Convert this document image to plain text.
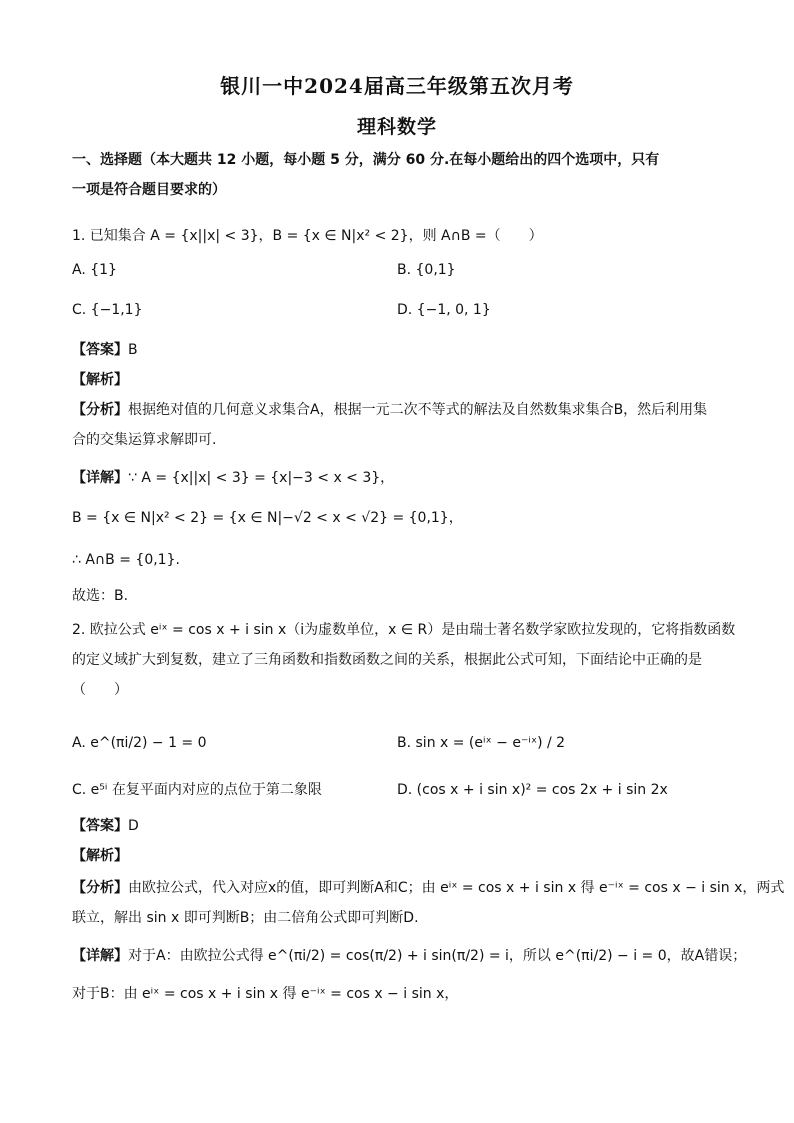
银川一中2024届高三年级第五次月考
理科数学
一、选择题（本大题共 12 小题，每小题 5 分，满分 60 分.在每小题给出的四个选项中，只有
一项是符合题目要求的）
1. 已知集合 A = {x||x| < 3}，B = {x ∈ N|x² < 2}，则 A∩B =（　　）
A. {1}	B. {0,1}
C. {−1,1}	D. {−1, 0, 1}
【答案】B
【解析】
【分析】根据绝对值的几何意义求集合A，根据一元二次不等式的解法及自然数集求集合B，然后利用集
合的交集运算求解即可.
【详解】∵ A = {x||x| < 3} = {x|−3 < x < 3}，
B = {x ∈ N|x² < 2} = {x ∈ N|−√2 < x < √2} = {0,1}，
∴ A∩B = {0,1}.
故选：B.
2. 欧拉公式 eⁱˣ = cos x + i sin x（i为虚数单位，x ∈ R）是由瑞士著名数学家欧拉发现的，它将指数函数
的定义域扩大到复数，建立了三角函数和指数函数之间的关系，根据此公式可知，下面结论中正确的是
（　　）
A. e^(πi/2) − 1 = 0	B. sin x = (eⁱˣ − e⁻ⁱˣ) / 2
C. e⁵ⁱ 在复平面内对应的点位于第二象限	D. (cos x + i sin x)² = cos 2x + i sin 2x
【答案】D
【解析】
【分析】由欧拉公式，代入对应x的值，即可判断A和C；由 eⁱˣ = cos x + i sin x 得 e⁻ⁱˣ = cos x − i sin x，两式
联立，解出 sin x 即可判断B；由二倍角公式即可判断D.
【详解】对于A：由欧拉公式得 e^(πi/2) = cos(π/2) + i sin(π/2) = i，所以 e^(πi/2) − i = 0，故A错误；
对于B：由 eⁱˣ = cos x + i sin x 得 e⁻ⁱˣ = cos x − i sin x，
